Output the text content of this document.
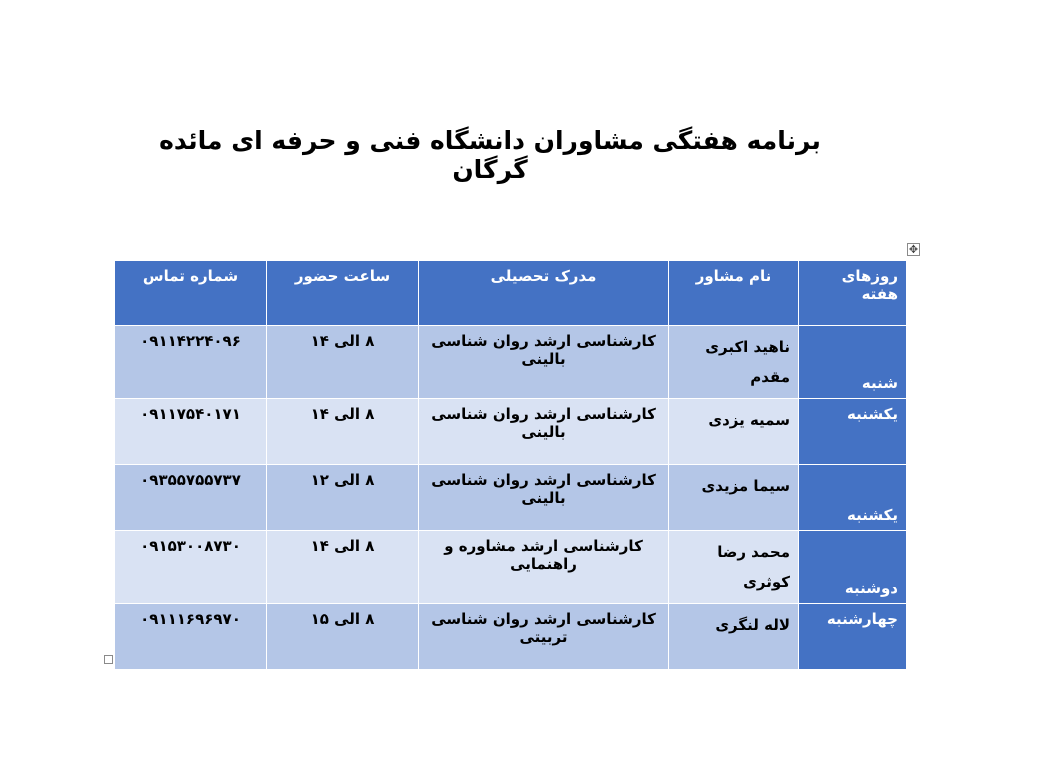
برنامه هفتگی مشاوران دانشگاه فنی و حرفه ای مائده گرگان
✥
روزهای هفته	نام مشاور	مدرک تحصیلی	ساعت حضور	شماره تماس
شنبه	ناهید اکبری مقدم	کارشناسی ارشد روان شناسی بالینی	۸ الی ۱۴	۰۹۱۱۴۲۲۴۰۹۶
یکشنبه	سمیه یزدی	کارشناسی ارشد روان شناسی بالینی	۸ الی ۱۴	۰۹۱۱۷۵۴۰۱۷۱
یکشنبه	سیما مزیدی	کارشناسی ارشد روان شناسی بالینی	۸ الی ۱۲	۰۹۳۵۵۷۵۵۷۳۷
دوشنبه	محمد رضا کوثری	کارشناسی ارشد مشاوره و راهنمایی	۸ الی ۱۴	۰۹۱۵۳۰۰۸۷۳۰
چهارشنبه	لاله لنگری	کارشناسی ارشد روان شناسی تربیتی	۸ الی ۱۵	۰۹۱۱۱۶۹۶۹۷۰
